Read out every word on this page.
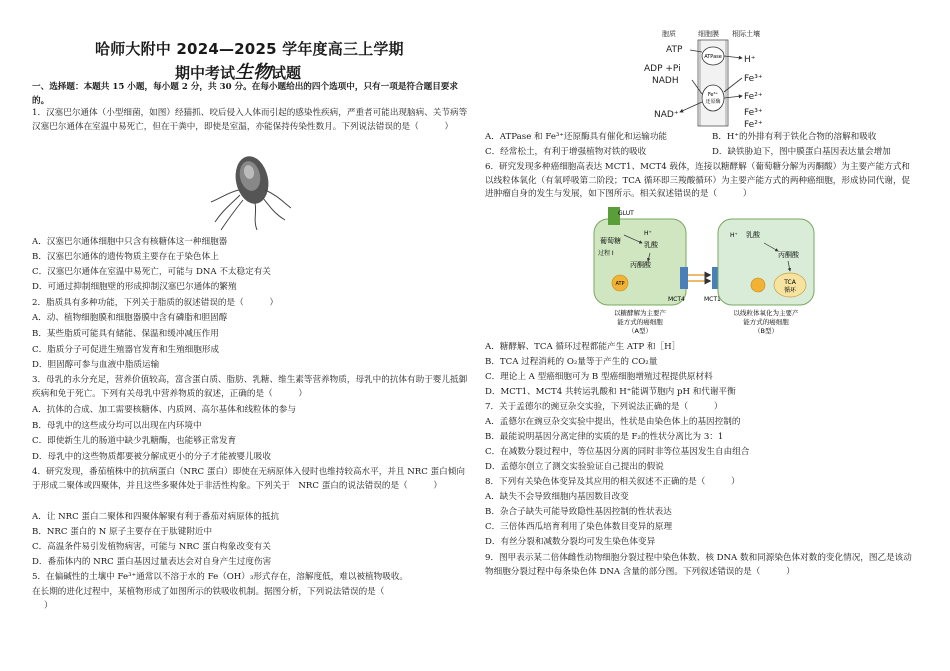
哈师大附中 2024—2025 学年度高三上学期
期中考试生物试题
一、选择题：本题共 15 小题，每小题 2 分，共 30 分。在每小题给出的四个选项中，只有一项是符合题目要求的。
1．汉塞巴尔通体（小型细菌，如图）经猫抓、咬后侵入人体而引起的感染性疾病，严重者可能出现脑病、关节病等汉塞巴尔通体在室温中易死亡，但在干粪中，即使是室温，亦能保持传染性数月。下列说法错误的是（　　　）
A．汉塞巴尔通体细胞中只含有核糖体这一种细胞器
B．汉塞巴尔通体的遗传物质主要存在于染色体上
C．汉塞巴尔通体在室温中易死亡，可能与 DNA 不太稳定有关
D．可通过抑制细胞壁的形成抑制汉塞巴尔通体的繁殖
2．脂质具有多种功能，下列关于脂质的叙述错误的是（　　　）
A．动、植物细胞膜和细胞器膜中含有磷脂和胆固醇
B．某些脂质可能具有储能、保温和缓冲减压作用
C．脂质分子可促进生殖器官发育和生殖细胞形成
D．胆固醇可参与血液中脂质运输
3．母乳的永分充足，营养价值较高，富含蛋白质、脂肪、乳糖、维生素等营养物质，母乳中的抗体有助于婴儿抵御疾病和免于死亡。下列有关母乳中营养物质的叙述，正确的是（　　　）
A．抗体的合成、加工需要核糖体、内质网、高尔基体和线粒体的参与
B．母乳中的这些成分均可以出现在内环境中
C．即使新生儿的肠道中缺少乳糖酶，也能够正常发育
D．母乳中的这些物质都要被分解成更小的分子才能被婴儿吸收
4．研究发现，番茄植株中的抗病蛋白（NRC 蛋白）即使在无病原体入侵时也维持较高水平，并且 NRC 蛋白倾向于形成二聚体或四聚体，并且这些多聚体处于非活性构象。下列关于　NRC 蛋白的说法错误的是（　　　）
A．让 NRC 蛋白二聚体和四聚体解聚有利于番茄对病原体的抵抗
B．NRC 蛋白的 N 原子主要存在于肽键附近中
C．高温条件易引发植物病害，可能与 NRC 蛋白构象改变有关
D．番茄体内的 NRC 蛋白基因过量表达会对自身产生过度伤害
5．在偏碱性的土壤中 Fe³⁺通常以不溶于水的 Fe（OH）₃形式存在，溶解度低，难以被植物吸收。
在长期的进化过程中，某植物形成了如图所示的铁吸收机制。据图分析，下列说法错误的是（
）
胞质	细胞膜 根际土壤
ATPase
Fe³⁺
还原酶
ATP
ADP +Pi
NADH
NAD⁺
H⁺
Fe³⁺
Fe²⁺
Fe³⁺
Fe²⁺
A．ATPase 和 Fe³⁺还原酶具有催化和运输功能	B．H⁺的外排有利于铁化合物的溶解和吸收
C．经常松土，有利于增强植物对铁的吸收	D．缺铁胁迫下，图中膜蛋白基因表达量会增加
6．研究发现多种癌细胞高表达 MCT1、MCT4 载体，连接以糖酵解（葡萄糖分解为丙酮酸）为主要产能方式和以线粒体氧化（有氧呼吸第二阶段；TCA 循环即三羧酸循环）为主要产能方式的两种癌细胞，形成协同代谢，促进肿瘤自身的发生与发展，如下图所示。相关叙述错误的是（　　　）
GLUT
葡萄糖
过程 I
乳酸
H⁺
丙酮酸
ATP
MCT4	MCT1
H⁺ 乳酸
丙酮酸
TCA
循环
以糖酵解为主要产
能方式的癌细胞
（A型）
以线粒体氧化为主要产
能方式的癌细胞
（B型）
A．糖酵解、TCA 循环过程都能产生 ATP 和［H］
B．TCA 过程消耗的 O₂量等于产生的 CO₂量
C．理论上 A 型癌细胞可为 B 型癌细胞增殖过程提供原材料
D．MCT1、MCT4 共转运乳酸和 H⁺能调节胞内 pH 和代谢平衡
7．关于孟德尔的豌豆杂交实验，下列说法正确的是（　　　）
A．孟德尔在豌豆杂交实验中提出，性状是由染色体上的基因控制的
B．最能说明基因分离定律的实质的是 F₂的性状分离比为 3：1
C．在减数分裂过程中，等位基因分离的同时非等位基因发生自由组合
D．孟德尔创立了测交实验验证自己提出的假说
8．下列有关染色体变异及其应用的相关叙述不正确的是（　　　）
A．缺失不会导致细胞内基因数目改变
B．杂合子缺失可能导致隐性基因控制的性状表达
C．三倍体西瓜培育利用了染色体数目变异的原理
D．有丝分裂和减数分裂均可发生染色体变异
9．图甲表示某二倍体雌性动物细胞分裂过程中染色体数、核 DNA 数和同源染色体对数的变化情况，图乙是该动物细胞分裂过程中每条染色体 DNA 含量的部分图。下列叙述错误的是（　　　）
